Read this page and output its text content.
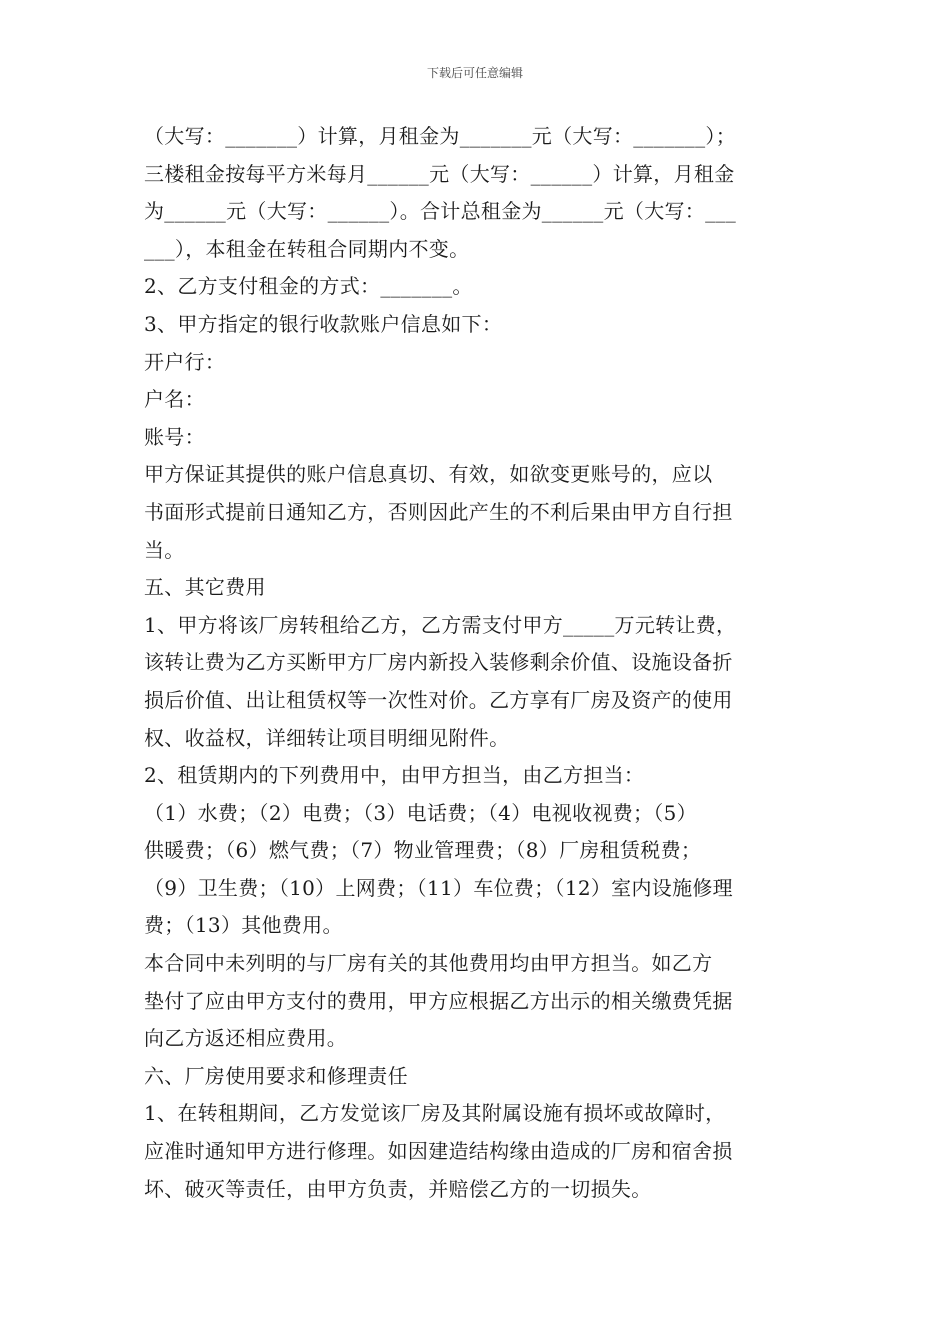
下载后可任意编辑
（大写：_______）计算，月租金为_______元（大写：_______）；
三楼租金按每平方米每月______元（大写：______）计算，月租金
为______元（大写：______）。合计总租金为______元（大写：___
___），本租金在转租合同期内不变。
2、乙方支付租金的方式：_______。
3、甲方指定的银行收款账户信息如下：
开户行：
户名：
账号：
甲方保证其提供的账户信息真切、有效，如欲变更账号的，应以
书面形式提前日通知乙方，否则因此产生的不利后果由甲方自行担
当。
五、其它费用
1、甲方将该厂房转租给乙方，乙方需支付甲方_____万元转让费，
该转让费为乙方买断甲方厂房内新投入装修剩余价值、设施设备折
损后价值、出让租赁权等一次性对价。乙方享有厂房及资产的使用
权、收益权，详细转让项目明细见附件。
2、租赁期内的下列费用中，由甲方担当，由乙方担当：
（1）水费；（2）电费；（3）电话费；（4）电视收视费；（5）
供暖费；（6）燃气费；（7）物业管理费；（8）厂房租赁税费；
（9）卫生费；（10）上网费；（11）车位费；（12）室内设施修理
费；（13）其他费用。
本合同中未列明的与厂房有关的其他费用均由甲方担当。如乙方
垫付了应由甲方支付的费用，甲方应根据乙方出示的相关缴费凭据
向乙方返还相应费用。
六、厂房使用要求和修理责任
1、在转租期间，乙方发觉该厂房及其附属设施有损坏或故障时，
应准时通知甲方进行修理。如因建造结构缘由造成的厂房和宿舍损
坏、破灭等责任，由甲方负责，并赔偿乙方的一切损失。
